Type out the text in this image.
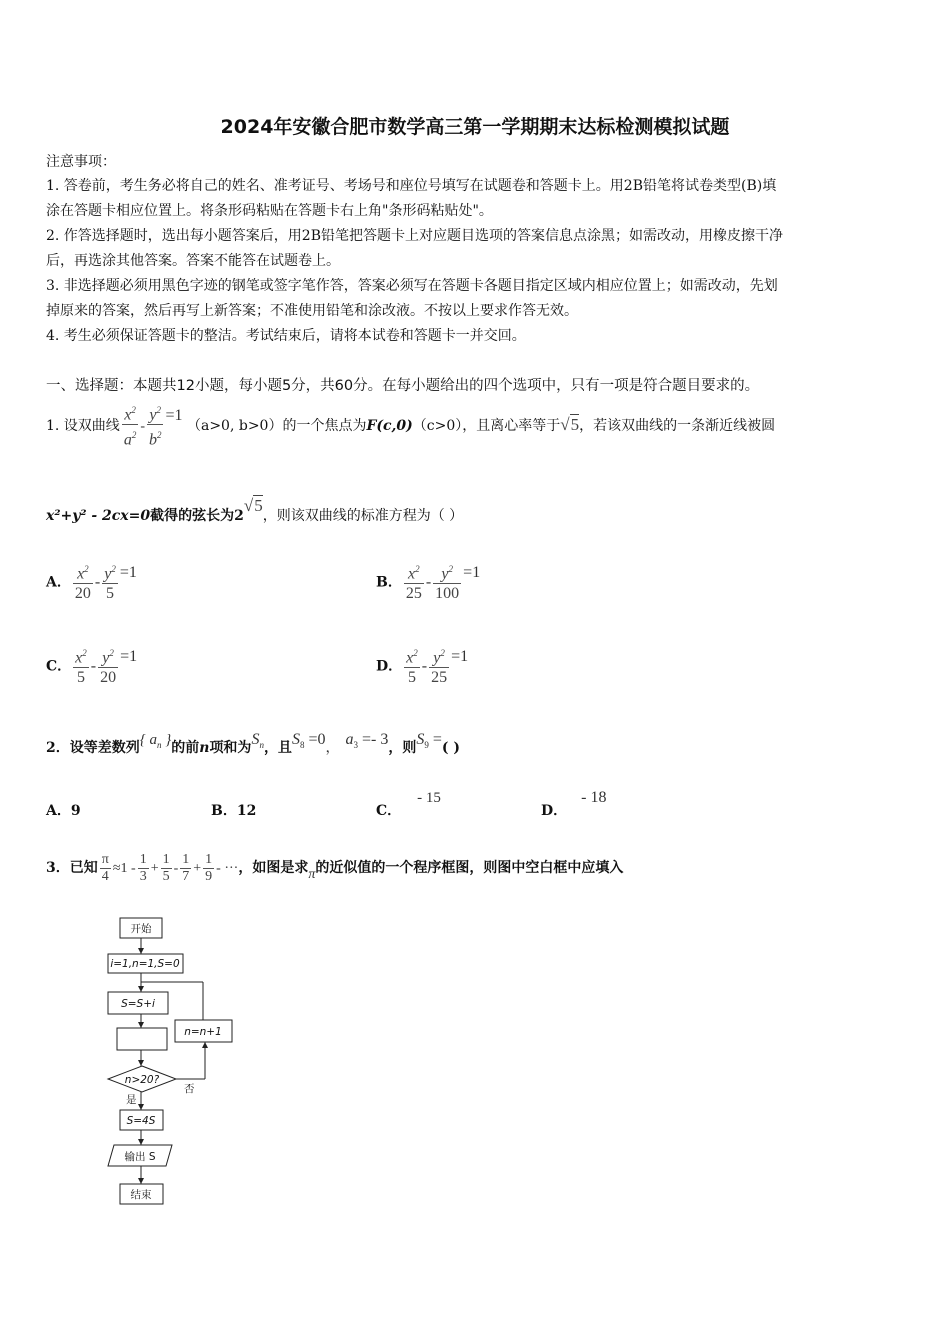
2024年安徽合肥市数学高三第一学期期末达标检测模拟试题
注意事项：
1. 答卷前，考生务必将自己的姓名、准考证号、考场号和座位号填写在试题卷和答题卡上。用2B铅笔将试卷类型(B)填
涂在答题卡相应位置上。将条形码粘贴在答题卡右上角"条形码粘贴处"。
2. 作答选择题时，选出每小题答案后，用2B铅笔把答题卡上对应题目选项的答案信息点涂黑；如需改动，用橡皮擦干净
后，再选涂其他答案。答案不能答在试题卷上。
3. 非选择题必须用黑色字迹的钢笔或签字笔作答，答案必须写在答题卡各题目指定区域内相应位置上；如需改动，先划
掉原来的答案，然后再写上新答案；不准使用铅笔和涂改液。不按以上要求作答无效。
4. 考生必须保证答题卡的整洁。考试结束后，请将本试卷和答题卡一并交回。
一、选择题：本题共12小题，每小题5分，共60分。在每小题给出的四个选项中，只有一项是符合题目要求的。
1. 设双曲线 $\frac{x^2}{a^2} - \frac{y^2}{b^2} =1$ （a>0, b>0）的一个焦点为F(c,0)（c>0），且离心率等于√5，若该双曲线的一条渐近线被圆
x²+y² - 2cx=0截得的弦长为2√5，则该双曲线的标准方程为（ ）
A． $\frac{x^2}{20} - \frac{y^2}{5} =1$
B． $\frac{x^2}{25} - \frac{y^2}{100} =1$
C． $\frac{x^2}{5} - \frac{y^2}{20} =1$
D． $\frac{x^2}{5} - \frac{y^2}{25} =1$
2．设等差数列{ $a_n$ }的前n项和为$S_n$，且$S_8 =0$，$a_3 =- 3$，则$S_9$ =( )
A．9	B．12	C．- 15
D．- 18
3．已知 $\frac{\pi}{4} \approx 1 - \frac{1}{3} + \frac{1}{5} - \frac{1}{7} + \frac{1}{9}$ - ···，如图是求π的近似值的一个程序框图，则图中空白框中应填入
开始
i=1,n=1,S=0
S=S+i
n=n+1
n>20?
否
是
S=4S
输出 S
结束
